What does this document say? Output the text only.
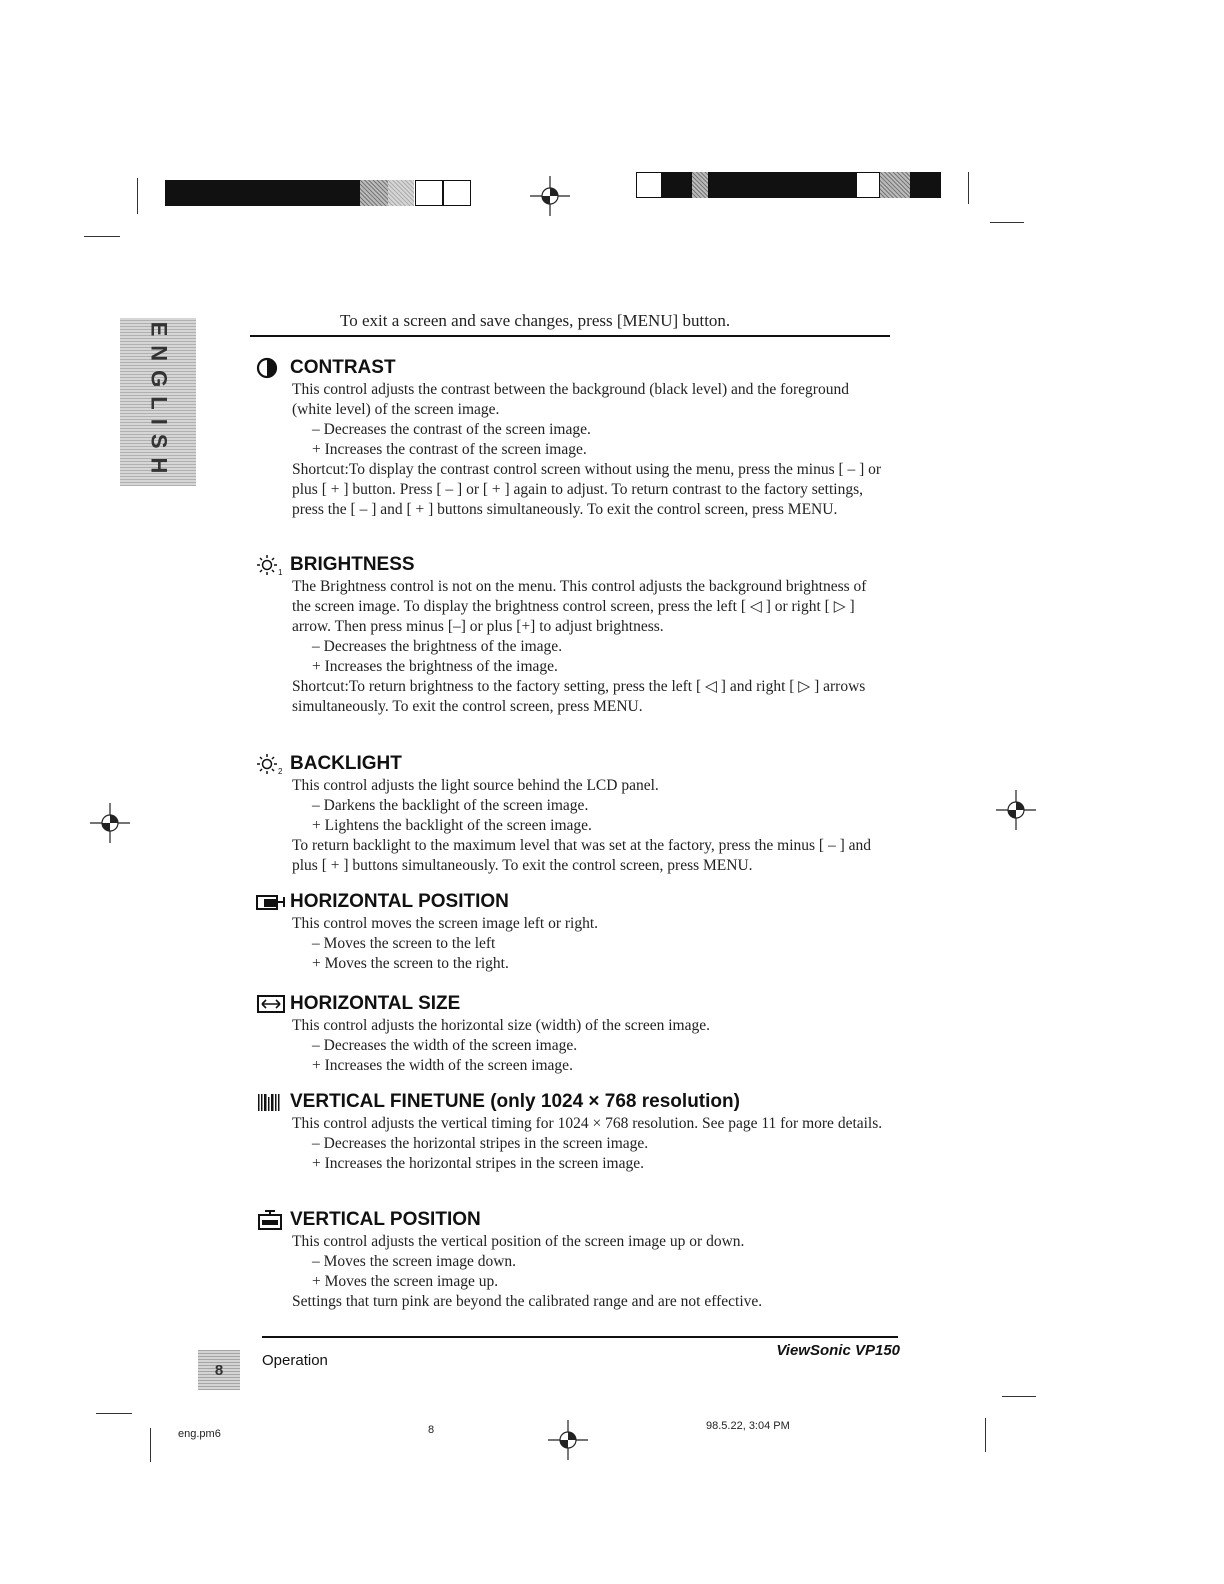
ENGLISH
To exit a screen and save changes, press [MENU] button.
CONTRAST

This control adjusts the contrast between the background (black level) and the foreground (white level) of the screen image.

– Decreases the contrast of the screen image.

+ Increases the contrast of the screen image.

Shortcut:To display the contrast control screen without using the menu, press the minus [ – ] or plus [ + ] button. Press [ – ] or [ + ] again to adjust. To return contrast to the factory settings, press the [ – ] and [ + ] buttons simultaneously. To exit the control screen, press MENU.

1 BRIGHTNESS

The Brightness control is not on the menu. This control adjusts the background brightness of the screen image. To display the brightness control screen, press the left [ ◁ ] or right [ ▷ ] arrow. Then press minus [–] or plus [+] to adjust brightness.

– Decreases the brightness of the image.

+ Increases the brightness of the image.

Shortcut:To return brightness to the factory setting, press the left [ ◁ ] and right [ ▷ ] arrows simultaneously. To exit the control screen, press MENU.

2 BACKLIGHT

This control adjusts the light source behind the LCD panel.

– Darkens the backlight of the screen image.

+ Lightens the backlight of the screen image.

To return backlight to the maximum level that was set at the factory, press the minus [ – ] and plus [ + ] buttons simultaneously. To exit the control screen, press MENU.

HORIZONTAL POSITION

This control moves the screen image left or right.

– Moves the screen to the left

+ Moves the screen to the right.

HORIZONTAL SIZE

This control adjusts the horizontal size (width) of the screen image.

– Decreases the width of the screen image.

+ Increases the width of the screen image.

VERTICAL FINETUNE (only 1024 × 768 resolution)

This control adjusts the vertical timing for 1024 × 768 resolution. See page 11 for more details.

– Decreases the horizontal stripes in the screen image.

+ Increases the horizontal stripes in the screen image.

VERTICAL POSITION

This control adjusts the vertical position of the screen image up or down.

– Moves the screen image down.

+ Moves the screen image up.

Settings that turn pink are beyond the calibrated range and are not effective.

8
Operation
ViewSonic VP150
eng.pm6	8	98.5.22, 3:04 PM
